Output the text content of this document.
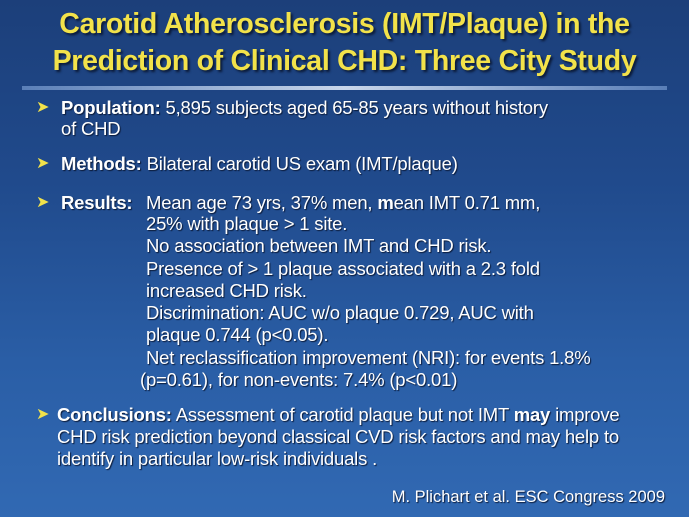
Carotid Atherosclerosis (IMT/Plaque) in the
Prediction of Clinical CHD: Three City Study
➤ Population: 5,895 subjects aged 65-85 years without history
of CHD
➤ Methods: Bilateral carotid US exam (IMT/plaque)
➤ Results: Mean age 73 yrs, 37% men, mean IMT 0.71 mm,
25% with plaque > 1 site.
No association between IMT and CHD risk.
Presence of > 1 plaque associated with a 2.3 fold
increased CHD risk.
Discrimination: AUC w/o plaque 0.729, AUC with
plaque 0.744 (p<0.05).
Net reclassification improvement (NRI): for events 1.8%
(p=0.61), for non-events: 7.4% (p<0.01)
➤ Conclusions: Assessment of carotid plaque but not IMT may improve
CHD risk prediction beyond classical CVD risk factors and may help to
identify in particular low-risk individuals .
M. Plichart et al. ESC Congress 2009
